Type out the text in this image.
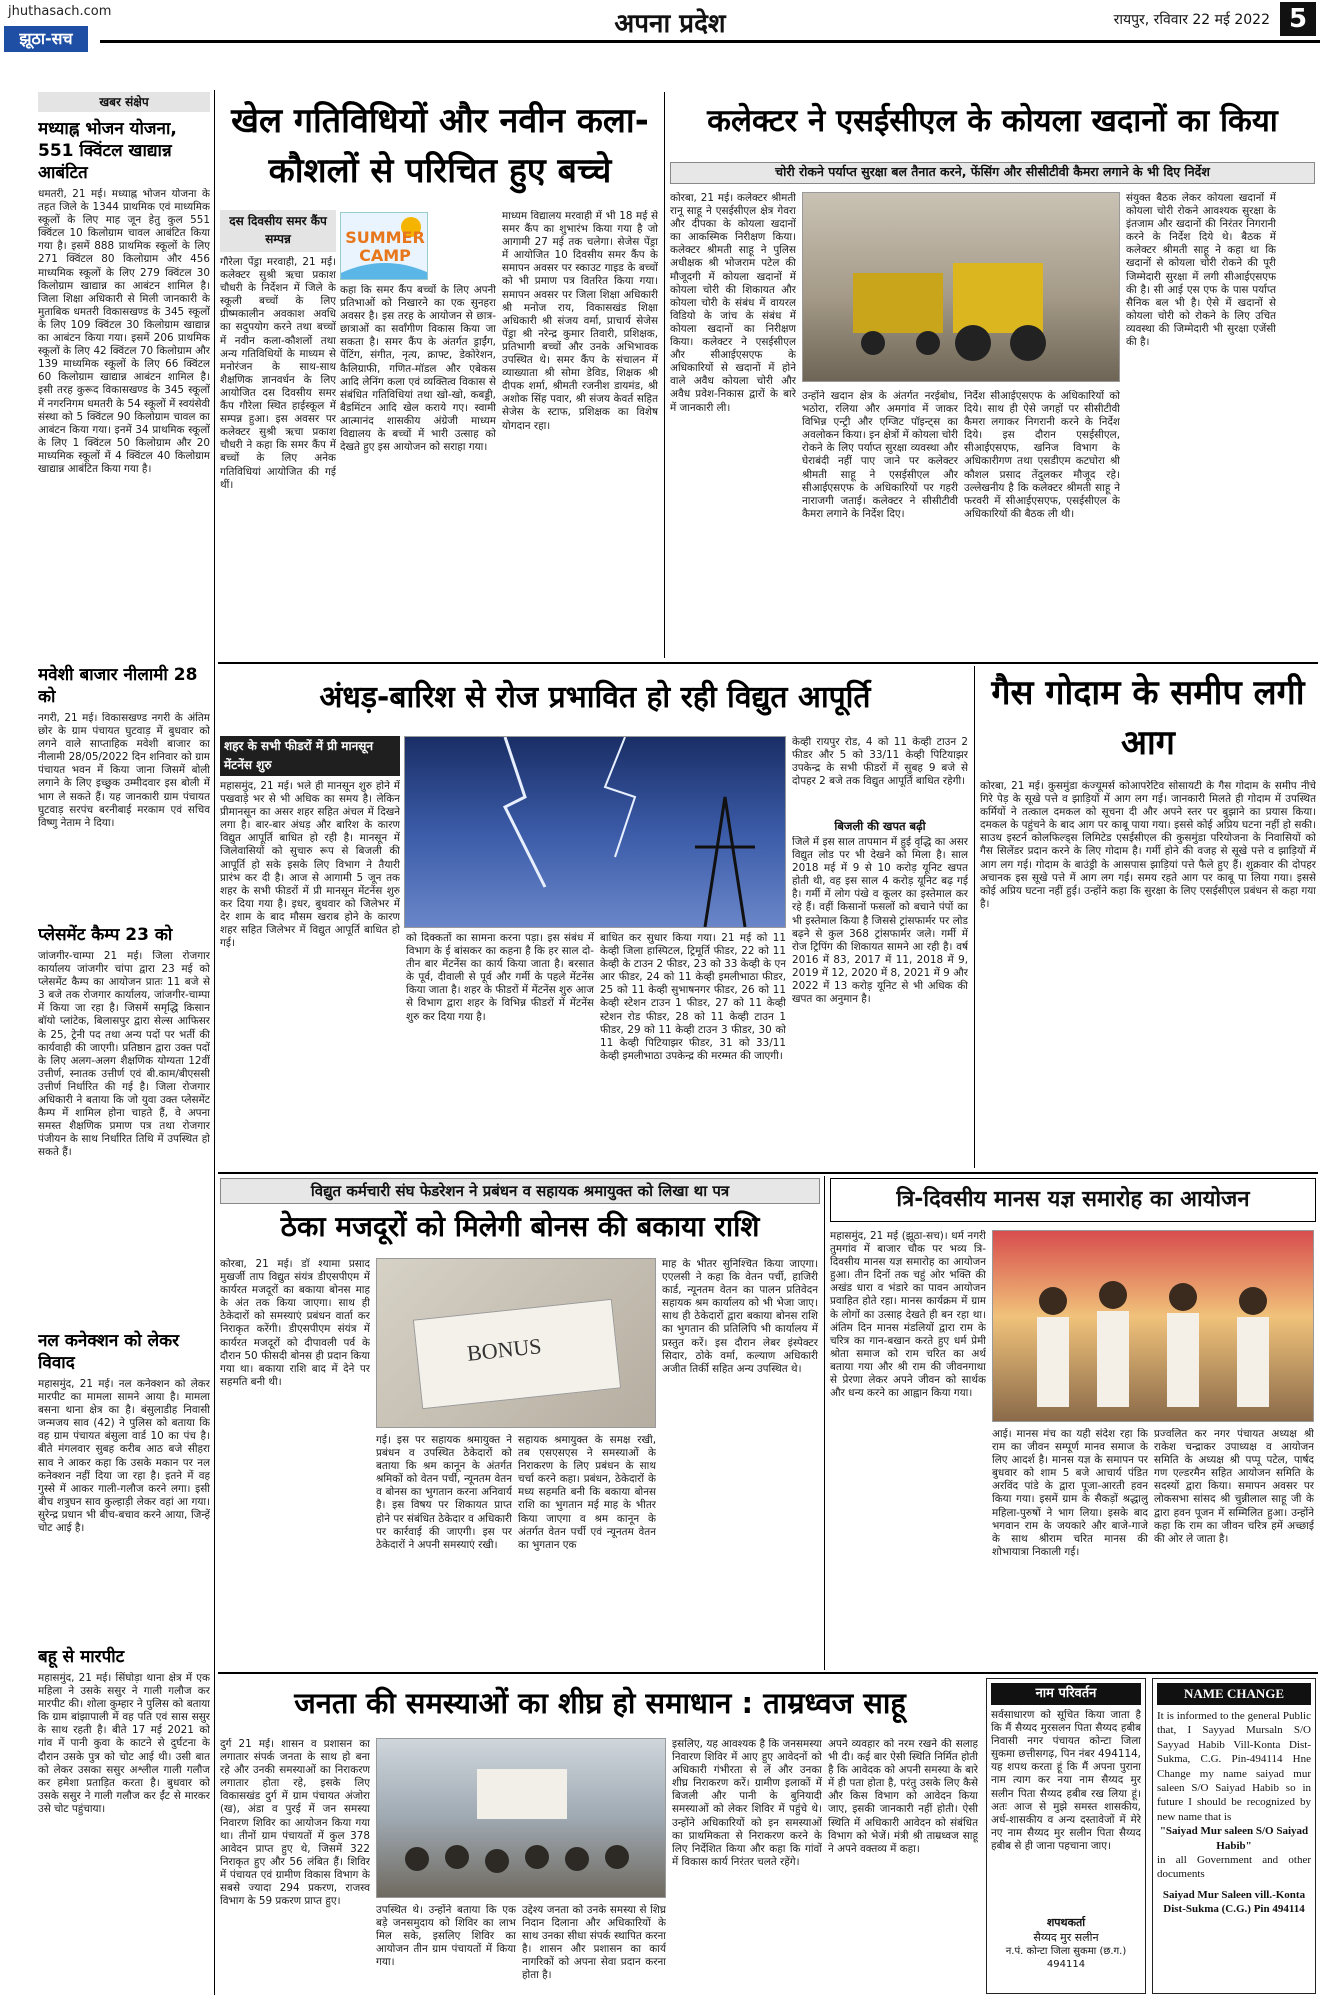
jhuthasach.com
झूठा-सच	अपना प्रदेश	रायपुर, रविवार 22 मई 2022 5
खबर संक्षेप
मध्याह्न भोजन योजना, 551 क्विंटल खाद्यान्न आबंटित
धमतरी, 21 मई। मध्याह्न भोजन योजना के तहत जिले के 1344 प्राथमिक एवं माध्यमिक स्कूलों के लिए माह जून हेतु कुल 551 क्विंटल 10 किलोग्राम चावल आबंटित किया गया है। इसमें 888 प्राथमिक स्कूलों के लिए 271 क्विंटल 80 किलोग्राम और 456 माध्यमिक स्कूलों के लिए 279 क्विंटल 30 किलोग्राम खाद्यान्न का आबंटन शामिल है। जिला शिक्षा अधिकारी से मिली जानकारी के मुताबिक धमतरी विकासखण्ड के 345 स्कूलों के लिए 109 क्विंटल 30 किलोग्राम खाद्यान्न का आबंटन किया गया। इसमें 206 प्राथमिक स्कूलों के लिए 42 क्विंटल 70 किलोग्राम और 139 माध्यमिक स्कूलों के लिए 66 क्विंटल 60 किलोग्राम खाद्यान्न आबंटन शामिल है। इसी तरह कुरूद विकासखण्ड के 345 स्कूलों में नगरनिगम धमतरी के 54 स्कूलों में स्वयंसेवी संस्था को 5 क्विंटल 90 किलोग्राम चावल का आबंटन किया गया। इनमें 34 प्राथमिक स्कूलों के लिए 1 क्विंटल 50 किलोग्राम और 20 माध्यमिक स्कूलों में 4 क्विंटल 40 किलोग्राम खाद्यान्न आबंटित किया गया है।
मवेशी बाजार नीलामी 28 को
नगरी, 21 मई। विकासखण्ड नगरी के अंतिम छोर के ग्राम पंचायत घुटवाड़ में बुधवार को लगने वाले साप्ताहिक मवेशी बाजार का नीलामी 28/05/2022 दिन शनिवार को ग्राम पंचायत भवन में किया जाना जिसमें बोली लगाने के लिए इच्छुक उम्मीदवार इस बोली में भाग ले सकते हैं। यह जानकारी ग्राम पंचायत घुटवाड़ सरपंच बरनीबाई मरकाम एवं सचिव विष्णु नेताम ने दिया।
प्लेसमेंट कैम्प 23 को
जांजगीर-चाम्पा 21 मई। जिला रोजगार कार्यालय जांजगीर चांपा द्वारा 23 मई को प्लेसमेंट कैम्प का आयोजन प्रातः 11 बजे से 3 बजे तक रोजगार कार्यालय, जांजगीर-चाम्पा में किया जा रहा है। जिसमें समृद्धि किसान बॉयो प्लांटेक, बिलासपुर द्वारा सेल्स आफिसर के 25, ट्रेनी पद तथा अन्य पदों पर भर्ती की कार्यवाही की जाएगी। प्रतिष्ठान द्वारा उक्त पदों के लिए अलग-अलग शैक्षणिक योग्यता 12वीं उत्तीर्ण, स्नातक उत्तीर्ण एवं बी.काम/बीएससी उत्तीर्ण निर्धारित की गई है। जिला रोजगार अधिकारी ने बताया कि जो युवा उक्त प्लेसमेंट कैम्प में शामिल होना चाहते हैं, वे अपना समस्त शैक्षणिक प्रमाण पत्र तथा रोजगार पंजीयन के साथ निर्धारित तिथि में उपस्थित हो सकते हैं।
नल कनेक्शन को लेकर विवाद
महासमुंद, 21 मई। नल कनेक्शन को लेकर मारपीट का मामला सामने आया है। मामला बसना थाना क्षेत्र का है। बंसुलाडीह निवासी जन्मजय साव (42) ने पुलिस को बताया कि वह ग्राम पंचायत बंसुला वार्ड 10 का पंच है। बीते मंगलवार सुबह करीब आठ बजे सीहरा साव ने आकर कहा कि उसके मकान पर नल कनेक्शन नहीं दिया जा रहा है। इतने में वह गुस्से में आकर गाली-गलौज करने लगा। इसी बीच शत्रुघन साव कुल्हाड़ी लेकर वहां आ गया। सुरेन्द्र प्रधान भी बीच-बचाव करने आया, जिन्हें चोट आई है।
बहू से मारपीट
महासमुंद, 21 मई। सिंघोड़ा थाना क्षेत्र में एक महिला ने उसके ससुर ने गाली गलौज कर मारपीट की। शोला कुम्हार ने पुलिस को बताया कि ग्राम बांझापाली में वह पति एवं सास ससुर के साथ रहती है। बीते 17 मई 2021 को गांव में पानी कुवा के काटने से दुर्घटना के दौरान उसके पुत्र को चोट आई थी। उसी बात को लेकर उसका ससुर अश्लील गाली गलौज कर हमेशा प्रताड़ित करता है। बुधवार को उसके ससुर ने गाली गलौज कर ईंट से मारकर उसे चोट पहुंचाया।
खेल गतिविधियों और नवीन कला-कौशलों से परिचित हुए बच्चे
दस दिवसीय समर कैंप सम्पन्न	SUMMER CAMP
गौरेला पेंड्रा मरवाही, 21 मई। कलेक्टर सुश्री ऋचा प्रकाश चौधरी के निर्देशन में जिले के स्कूली बच्चों के लिए ग्रीष्मकालीन अवकाश अवधि का सदुपयोग करने तथा बच्चों में नवीन कला-कौशलों तथा अन्य गतिविधियों के माध्यम से मनोरंजन के साथ-साथ शैक्षणिक ज्ञानवर्धन के लिए आयोजित दस दिवसीय समर कैंप गौरेला स्थित हाईस्कूल में सम्पन्न हुआ। इस अवसर पर कलेक्टर सुश्री ऋचा प्रकाश चौधरी ने कहा कि समर कैंप में बच्चों के लिए अनेक गतिविधियां आयोजित की गई थीं।
कहा कि समर कैंप बच्चों के लिए अपनी प्रतिभाओं को निखारने का एक सुनहरा अवसर है। इस तरह के आयोजन से छात्र-छात्राओं का सर्वांगीण विकास किया जा सकता है। समर कैंप के अंतर्गत ड्राईंग, पेंटिंग, संगीत, नृत्य, क्राफ्ट, डेकोरेशन, कैलिग्राफी, गणित-मॉडल और एबेकस आदि लेनिंग कला एवं व्यक्तित्व विकास से संबंधित गतिविधियां तथा खो-खो, कबड्डी, बैडमिंटन आदि खेल कराये गए। स्वामी आत्मानंद शासकीय अंग्रेजी माध्यम विद्यालय के बच्चों में भारी उत्साह को देखते हुए इस आयोजन को सराहा गया।
माध्यम विद्यालय मरवाही में भी 18 मई से समर कैंप का शुभारंभ किया गया है जो आगामी 27 मई तक चलेगा। सेजेस पेंड्रा में आयोजित 10 दिवसीय समर कैंप के समापन अवसर पर स्काउट गाइड के बच्चों को भी प्रमाण पत्र वितरित किया गया। समापन अवसर पर जिला शिक्षा अधिकारी श्री मनोज राय, विकासखंड शिक्षा अधिकारी श्री संजय वर्मा, प्राचार्य सेजेस पेंड्रा श्री नरेन्द्र कुमार तिवारी, प्रशिक्षक, प्रतिभागी बच्चों और उनके अभिभावक उपस्थित थे। समर कैंप के संचालन में व्याख्याता श्री सोमा डेविड, शिक्षक श्री दीपक शर्मा, श्रीमती रजनीश डायमंड, श्री अशोक सिंह पवार, श्री संजय केवर्त सहित सेजेस के स्टाफ, प्रशिक्षक का विशेष योगदान रहा।
कलेक्टर ने एसईसीएल के कोयला खदानों का किया
चोरी रोकने पर्याप्त सुरक्षा बल तैनात करने, फेंसिंग और सीसीटीवी कैमरा लगाने के भी दिए निर्देश
कोरबा, 21 मई। कलेक्टर श्रीमती रानू साहू ने एसईसीएल क्षेत्र गेवरा और दीपका के कोयला खदानों का आकस्मिक निरीक्षण किया। कलेक्टर श्रीमती साहू ने पुलिस अधीक्षक श्री भोजराम पटेल की मौजूदगी में कोयला खदानों में कोयला चोरी की शिकायत और कोयला चोरी के संबंध में वायरल विडियो के जांच के संबंध में कोयला खदानों का निरीक्षण किया। कलेक्टर ने एसईसीएल और सीआईएसएफ के अधिकारियों से खदानों में होने वाले अवैध कोयला चोरी और अवैध प्रवेश-निकास द्वारों के बारे में जानकारी ली।
उन्होंने खदान क्षेत्र के अंतर्गत नरईबोध, भठोरा, रलिया और अमगांव में जाकर विभिन्न एन्ट्री और एग्जिट पॉइन्ट्स का अवलोकन किया। इन क्षेत्रों में कोयला चोरी रोकने के लिए पर्याप्त सुरक्षा व्यवस्था और घेराबंदी नहीं पाए जाने पर कलेक्टर श्रीमती साहू ने एसईसीएल और सीआईएसएफ के अधिकारियों पर गहरी नाराजगी जताई। कलेक्टर ने सीसीटीवी कैमरा लगाने के निर्देश दिए।
निर्देश सीआईएसएफ के अधिकारियों को दिये। साथ ही ऐसे जगहों पर सीसीटीवी कैमरा लगाकर निगरानी करने के निर्देश दिये। इस दौरान एसईसीएल, सीआईएसएफ, खनिज विभाग के अधिकारीगण तथा एसडीएम कटघोरा श्री कौशल प्रसाद तेंदुलकर मौजूद रहे। उल्लेखनीय है कि कलेक्टर श्रीमती साहू ने फरवरी में सीआईएसएफ, एसईसीएल के अधिकारियों की बैठक ली थी।
संयुक्त बैठक लेकर कोयला खदानों में कोयला चोरी रोकने आवश्यक सुरक्षा के इंतजाम और खदानों की निरंतर निगरानी करने के निर्देश दिये थे। बैठक में कलेक्टर श्रीमती साहू ने कहा था कि खदानों से कोयला चोरी रोकने की पूरी जिम्मेदारी सुरक्षा में लगी सीआईएसएफ की है। सी आई एस एफ के पास पर्याप्त सैनिक बल भी है। ऐसे में खदानों से कोयला चोरी को रोकने के लिए उचित व्यवस्था की जिम्मेदारी भी सुरक्षा एजेंसी की है।
अंधड़-बारिश से रोज प्रभावित हो रही विद्युत आपूर्ति
शहर के सभी फीडरों में प्री मानसून मेंटनेंस शुरु
महासमुंद, 21 मई। भले ही मानसून शुरु होने में पखवाड़े भर से भी अधिक का समय है। लेकिन प्रीमानसून का असर शहर सहित अंचल में दिखने लगा है। बार-बार अंधड़ और बारिश के कारण विद्युत आपूर्ति बाधित हो रही है। मानसून में जिलेवासियों को सुचारु रूप से बिजली की आपूर्ति हो सके इसके लिए विभाग ने तैयारी प्रारंभ कर दी है। आज से आगामी 5 जून तक शहर के सभी फीडरों में प्री मानसून मेंटनेंस शुरु कर दिया गया है। इधर, बुधवार को जिलेभर में देर शाम के बाद मौसम खराब होने के कारण शहर सहित जिलेभर में विद्युत आपूर्ति बाधित हो गई।	को दिक्कतों का सामना करना पड़ा। इस संबंध में विभाग के ई बांसकर का कहना है कि हर साल दो-तीन बार मेंटनेंस का कार्य किया जाता है। बरसात के पूर्व, दीवाली से पूर्व और गर्मी के पहले मेंटनेंस किया जाता है। शहर के फीडरों में मेंटनेंस शुरु आज से विभाग द्वारा शहर के विभिन्न फीडरों में मेंटनेंस शुरु कर दिया गया है।
बाधित कर सुधार किया गया। 21 मई को 11 केव्ही जिला हास्पिटल, ट्रिमूर्ति फीडर, 22 को 11 केव्ही के टाउन 2 फीडर, 23 को 33 केव्ही के एन आर फीडर, 24 को 11 केव्ही इमलीभाठा फीडर, 25 को 11 केव्ही सुभाषनगर फीडर, 26 को 11 केव्ही स्टेशन टाउन 1 फीडर, 27 को 11 केव्ही स्टेशन रोड फीडर, 28 को 11 केव्ही टाउन 1 फीडर, 29 को 11 केव्ही टाउन 3 फीडर, 30 को 11 केव्ही पिटियाझर फीडर, 31 को 33/11 केव्ही इमलीभाठा उपकेन्द्र की मरम्मत की जाएगी।
केव्ही रायपुर रोड, 4 को 11 केव्ही टाउन 2 फीडर और 5 को 33/11 केव्ही पिटियाझर उपकेन्द्र के सभी फीडरों में सुबह 9 बजे से दोपहर 2 बजे तक विद्युत आपूर्ति बाधित रहेगी।
बिजली की खपत बढ़ी
जिले में इस साल तापमान में हुई वृद्धि का असर विद्युत लोड पर भी देखने को मिला है। साल 2018 मई में 9 से 10 करोड़ यूनिट खपत होती थी, वह इस साल 4 करोड़ यूनिट बढ़ गई है। गर्मी में लोग पंखे व कूलर का इस्तेमाल कर रहे हैं। वहीं किसानों फसलों को बचाने पंपों का भी इस्तेमाल किया है जिससे ट्रांसफार्मर पर लोड बढ़ने से कुल 368 ट्रांसफार्मर जले। गर्मी में रोज ट्रिपिंग की शिकायत सामने आ रही है। वर्ष 2016 में 83, 2017 में 11, 2018 में 9, 2019 में 12, 2020 में 8, 2021 में 9 और 2022 में 13 करोड़ यूनिट से भी अधिक की खपत का अनुमान है।
गैस गोदाम के समीप लगी आग
कोरबा, 21 मई। कुसमुंडा कंज्यूमर्स कोआपरेटिव सोसायटी के गैस गोदाम के समीप नीचे गिरे पेड़ के सूखे पत्ते व झाड़ियों में आग लग गई। जानकारी मिलते ही गोदाम में उपस्थित कर्मियों ने तत्काल दमकल को सूचना दी और अपने स्तर पर बुझाने का प्रयास किया। दमकल के पहुंचने के बाद आग पर काबू पाया गया। इससे कोई अप्रिय घटना नहीं हो सकी। साउथ इस्टर्न कोलफिल्ड्स लिमिटेड एसईसीएल की कुसमुंडा परियोजना के निवासियों को गैस सिलेंडर प्रदान करने के लिए गोदाम है। गर्मी होने की वजह से सूखे पत्ते व झाड़ियों में आग लग गई। गोदाम के बाउंड्री के आसपास झाड़ियां पत्ते फैले हुए हैं। शुक्रवार की दोपहर अचानक इस सूखे पत्ते में आग लग गई। समय रहते आग पर काबू पा लिया गया। इससे कोई अप्रिय घटना नहीं हुई। उन्होंने कहा कि सुरक्षा के लिए एसईसीएल प्रबंधन से कहा गया है।
विद्युत कर्मचारी संघ फेडरेशन ने प्रबंधन व सहायक श्रमायुक्त को लिखा था पत्र
ठेका मजदूरों को मिलेगी बोनस की बकाया राशि
कोरबा, 21 मई। डॉ श्यामा प्रसाद मुखर्जी ताप विद्युत संयंत्र डीएसपीएम में कार्यरत मजदूरों का बकाया बोनस माह के अंत तक किया जाएगा। साथ ही ठेकेदारों को समस्याएं प्रबंधन वार्ता कर निराकृत करेंगी। डीएसपीएम संयंत्र में कार्यरत मजदूरों को दीपावली पर्व के दौरान 50 फीसदी बोनस ही प्रदान किया गया था। बकाया राशि बाद में देने पर सहमति बनी थी।
BONUS
गई। इस पर सहायक श्रमायुक्त ने प्रबंधन व उपस्थित ठेकेदारों को बताया कि श्रम कानून के अंतर्गत श्रमिकों को वेतन पर्ची, न्यूनतम वेतन व बोनस का भुगतान करना अनिवार्य है। इस विषय पर शिकायत प्राप्त होने पर संबंधित ठेकेदार व अधिकारी पर कार्रवाई की जाएगी। इस पर ठेकेदारों ने अपनी समस्याएं रखी।
सहायक श्रमायुक्त के समक्ष रखी, तब एसएसएस ने समस्याओं के निराकरण के लिए प्रबंधन के साथ चर्चा करने कहा। प्रबंधन, ठेकेदारों के मध्य सहमति बनी कि बकाया बोनस राशि का भुगतान मई माह के भीतर किया जाएगा व श्रम कानून के अंतर्गत वेतन पर्ची एवं न्यूनतम वेतन का भुगतान एक
माह के भीतर सुनिश्चित किया जाएगा। एएलसी ने कहा कि वेतन पर्ची, हाजिरी कार्ड, न्यूनतम वेतन का पालन प्रतिवेदन सहायक श्रम कार्यालय को भी भेजा जाए। साथ ही ठेकेदारों द्वारा बकाया बोनस राशि का भुगतान की प्रतिलिपि भी कार्यालय में प्रस्तुत करें। इस दौरान लेबर इंस्पेक्टर सिदार, ठोके वर्मा, कल्याण अधिकारी अजीत तिर्की सहित अन्य उपस्थित थे।
त्रि-दिवसीय मानस यज्ञ समारोह का आयोजन
महासमुंद, 21 मई (झूठा-सच)। धर्म नगरी तुमगांव में बाजार चौक पर भव्य त्रि-दिवसीय मानस यज्ञ समारोह का आयोजन हुआ। तीन दिनों तक चहुं ओर भक्ति की अखंड धारा व भंडारे का पावन आयोजन प्रवाहित होते रहा। मानस कार्यक्रम में ग्राम के लोगों का उत्साह देखते ही बन रहा था। अंतिम दिन मानस मंडलियों द्वारा राम के चरित्र का गान-बखान करते हुए धर्म प्रेमी श्रोता समाज को राम चरित का अर्थ बताया गया और श्री राम की जीवनगाथा से प्रेरणा लेकर अपने जीवन को सार्थक और धन्य करने का आह्वान किया गया।
आई। मानस मंच का यही संदेश रहा कि राम का जीवन सम्पूर्ण मानव समाज के लिए आदर्श है। मानस यज्ञ के समापन पर बुधवार को शाम 5 बजे आचार्य पंडित अरविंद पांडे के द्वारा पूजा-आरती हवन किया गया। इसमें ग्राम के सैकड़ों श्रद्धालु महिला-पुरुषों ने भाग लिया। इसके बाद भगवान राम के जयकारे और बाजे-गाजे के साथ श्रीराम चरित मानस की शोभायात्रा निकाली गई।
प्रज्वलित कर नगर पंचायत अध्यक्ष श्री राकेश चन्द्राकर उपाध्यक्ष व आयोजन समिति के अध्यक्ष श्री पप्पू पटेल, पार्षद गण एल्डरमैन सहित आयोजन समिति के सदस्यों द्वारा किया। समापन अवसर पर लोकसभा सांसद श्री चुन्नीलाल साहू जी के द्वारा हवन पूजन में सम्मिलित हुआ। उन्होंने कहा कि राम का जीवन चरित्र हमें अच्छाई की ओर ले जाता है।
जनता की समस्याओं का शीघ्र हो समाधान : ताम्रध्वज साहू
दुर्ग 21 मई। शासन व प्रशासन का लगातार संपर्क जनता के साथ हो बना रहे और उनकी समस्याओं का निराकरण लगातार होता रहे, इसके लिए विकासखंड दुर्ग में ग्राम पंचायत अंजोरा (ख), अंडा व पुरई में जन समस्या निवारण शिविर का आयोजन किया गया था। तीनों ग्राम पंचायतों में कुल 378 आवेदन प्राप्त हुए थे, जिसमें 322 निराकृत हुए और 56 लंबित हैं। शिविर में पंचायत एवं ग्रामीण विकास विभाग के सबसे ज्यादा 294 प्रकरण, राजस्व विभाग के 59 प्रकरण प्राप्त हुए।
उपस्थित थे। उन्होंने बताया कि एक बड़े जनसमुदाय को शिविर का लाभ मिल सके, इसलिए शिविर का आयोजन तीन ग्राम पंचायतों में किया गया।
उद्देश्य जनता को उनके समस्या से शिघ्र निदान दिलाना और अधिकारियों के साथ उनका सीधा संपर्क स्थापित करना है। शासन और प्रशासन का कार्य नागरिकों को अपना सेवा प्रदान करना होता है।
इसलिए, यह आवश्यक है कि जनसमस्या निवारण शिविर में आए हुए आवेदनों को अधिकारी गंभीरता से लें और उनका शीघ्र निराकरण करें। ग्रामीण इलाकों में बिजली और पानी के बुनियादी समस्याओं को लेकर शिविर में पहुंचे थे। उन्होंने अधिकारियों को इन समस्याओं का प्राथमिकता से निराकरण करने के लिए निर्देशित किया और कहा कि गांवों में विकास कार्य निरंतर चलते रहेंगे।
अपने व्यवहार को नरम रखने की सलाह भी दी। कई बार ऐसी स्थिति निर्मित होती है कि आवेदक को अपनी समस्या के बारे में ही पता होता है, परंतु उसके लिए कैसे और किस विभाग को आवेदन किया जाए, इसकी जानकारी नहीं होती। ऐसी स्थिति में अधिकारी आवेदन को संबंधित विभाग को भेजें। मंत्री श्री ताम्रध्वज साहू ने अपने वक्तव्य में कहा।
नाम परिवर्तन
सर्वसाधारण को सूचित किया जाता है कि मैं सैय्यद मुरसलन पिता सैय्यद हबीब निवासी नगर पंचायत कोन्टा जिला सुकमा छत्तीसगढ़, पिन नंबर 494114, यह शपथ करता हूं कि मैं अपना पुराना नाम त्याग कर नया नाम सैय्यद मुर सलीन पिता सैय्यद हबीब रख लिया हूं। अतः आज से मुझे समस्त शासकीय, अर्ध-शासकीय व अन्य दस्तावेजों में मेरे नए नाम सैय्यद मुर सलीन पिता सैय्यद हबीब से ही जाना पहचाना जाए।
शपथकर्ता
सैय्यद मुर सलीन
न.पं. कोन्टा जिला सुकमा (छ.ग.) 494114
NAME CHANGE
It is informed to the general Public that, I Sayyad Mursaln S/O Sayyad Habib Vill-Konta Dist-Sukma, C.G. Pin-494114 Hne Change my name saiyad mur saleen S/O Saiyad Habib so in future I should be recognized by new name that is
"Saiyad Mur saleen S/O Saiyad Habib"
in all Government and other documents
Saiyad Mur Saleen vill.-Konta Dist-Sukma (C.G.) Pin 494114
